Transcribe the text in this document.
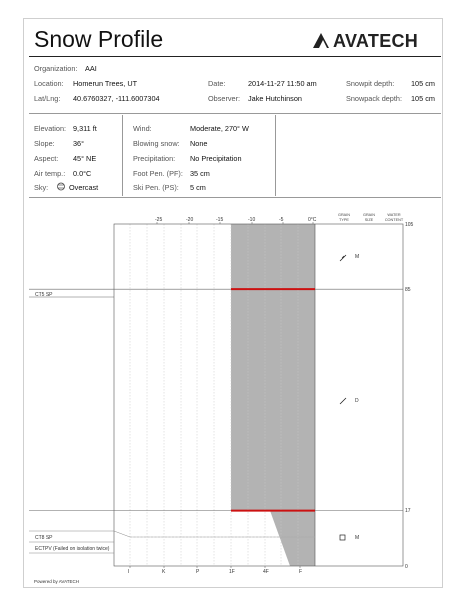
Snow Profile	AVATECH
Organization: AAI
Location: Homerun Trees, UT
Lat/Lng: 40.6760327, -111.6007304
Date:	2014-11-27 11:50 am
Observer: Jake Hutchinson
Snowpit depth: 105 cm
Snowpack depth: 105 cm
Elevation: 9,311 ft
Slope:	36°
Aspect: 45° NE
Air temp.: 0.0°C
Sky:	Overcast
Wind:	Moderate, 270° W
Blowing snow: None
Precipitation: No Precipitation
Foot Pen. (PF): 35 cm
Ski Pen. (PS): 5 cm
-25	-20	-15	-10	-5	0°C
GRAIN TYPE
GRAIN SIZE
WATER CONTENT
105
85
17
0
I	K	P	1F	4F	F
M
D
M
CT5 SP
CT8 SP
ECTPV (Failed on isolation twice)
Powered by AVATECH
